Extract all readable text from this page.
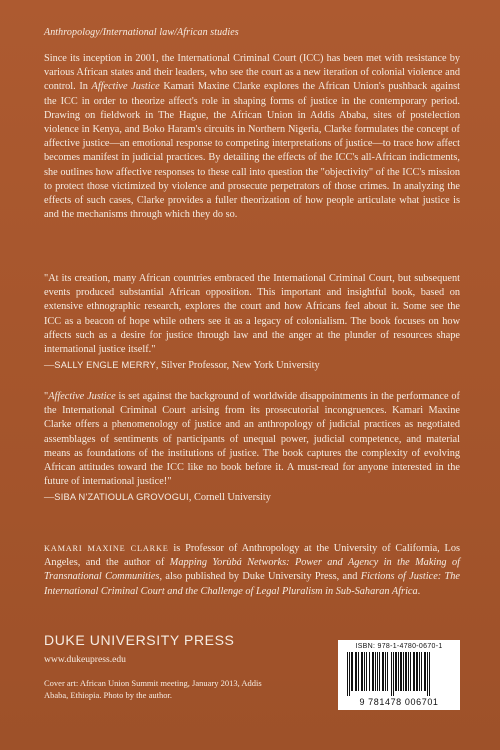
Anthropology/International law/African studies

Since its inception in 2001, the International Criminal Court (ICC) has been met with resistance by various African states and their leaders, who see the court as a new iteration of colonial violence and control. In Affective Justice Kamari Maxine Clarke explores the African Union's pushback against the ICC in order to theorize affect's role in shaping forms of justice in the contemporary period. Drawing on fieldwork in The Hague, the African Union in Addis Ababa, sites of postelection violence in Kenya, and Boko Haram's circuits in Northern Nigeria, Clarke formulates the concept of affective justice—an emotional response to competing interpretations of justice—to trace how affect becomes manifest in judicial practices. By detailing the effects of the ICC's all-African indictments, she outlines how affective responses to these call into question the "objectivity" of the ICC's mission to protect those victimized by violence and prosecute perpetrators of those crimes. In analyzing the effects of such cases, Clarke provides a fuller theorization of how people articulate what justice is and the mechanisms through which they do so.

"At its creation, many African countries embraced the International Criminal Court, but subsequent events produced substantial African opposition. This important and insightful book, based on extensive ethnographic research, explores the court and how Africans feel about it. Some see the ICC as a beacon of hope while others see it as a legacy of colonialism. The book focuses on how affects such as a desire for justice through law and the anger at the plunder of resources shape international justice itself."

—SALLY ENGLE MERRY, Silver Professor, New York University

"Affective Justice is set against the background of worldwide disappointments in the performance of the International Criminal Court arising from its prosecutorial incongruences. Kamari Maxine Clarke offers a phenomenology of justice and an anthropology of judicial practices as negotiated assemblages of sentiments of participants of unequal power, judicial competence, and material means as foundations of the institutions of justice. The book captures the complexity of evolving African attitudes toward the ICC like no book before it. A must-read for anyone interested in the future of international justice!"

—SIBA N'ZATIOULA GROVOGUI, Cornell University

KAMARI MAXINE CLARKE is Professor of Anthropology at the University of California, Los Angeles, and the author of Mapping Yorùbá Networks: Power and Agency in the Making of Transnational Communities, also published by Duke University Press, and Fictions of Justice: The International Criminal Court and the Challenge of Legal Pluralism in Sub-Saharan Africa.

DUKE UNIVERSITY PRESS
www.dukeupress.edu
Cover art: African Union Summit meeting, January 2013, Addis Ababa, Ethiopia. Photo by the author.
ISBN: 978-1-4780-0670-1
9 781478 006701
